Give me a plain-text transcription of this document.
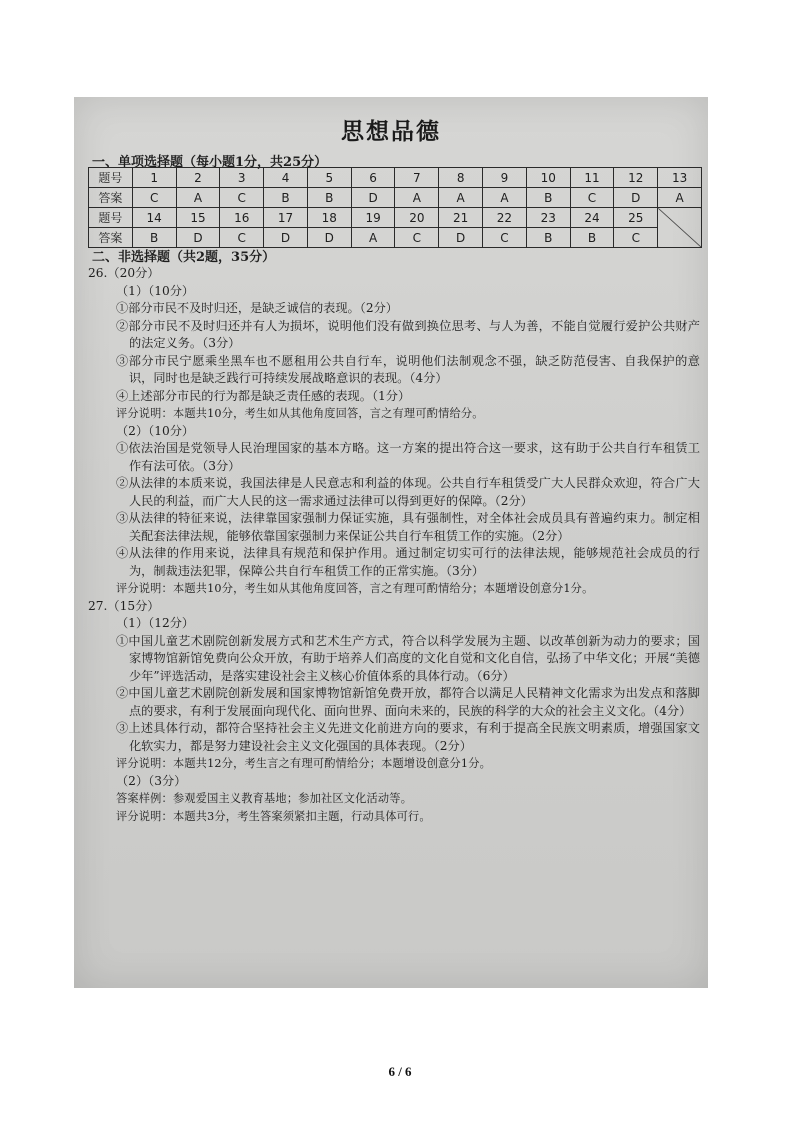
思想品德
一、单项选择题（每小题1分，共25分）
题号	1	2	3	4	5	6	7	8	9	10	11	12	13
答案	C	A	C	B	B	D	A	A	A	B	C	D	A
题号	14	15	16	17	18	19	20	21	22	23	24	25	
答案	B	D	C	D	D	A	C	D	C	B	B	C	
二、非选择题（共2题，35分）

26.（20分）

（1）（10分）

①部分市民不及时归还，是缺乏诚信的表现。（2分）

②部分市民不及时归还并有人为损坏，说明他们没有做到换位思考、与人为善，不能自觉履行爱护公共财产的法定义务。（3分）

③部分市民宁愿乘坐黑车也不愿租用公共自行车，说明他们法制观念不强，缺乏防范侵害、自我保护的意识，同时也是缺乏践行可持续发展战略意识的表现。（4分）

④上述部分市民的行为都是缺乏责任感的表现。（1分）

评分说明：本题共10分，考生如从其他角度回答，言之有理可酌情给分。

（2）（10分）

①依法治国是党领导人民治理国家的基本方略。这一方案的提出符合这一要求，这有助于公共自行车租赁工作有法可依。（3分）

②从法律的本质来说，我国法律是人民意志和利益的体现。公共自行车租赁受广大人民群众欢迎，符合广大人民的利益，而广大人民的这一需求通过法律可以得到更好的保障。（2分）

③从法律的特征来说，法律靠国家强制力保证实施，具有强制性，对全体社会成员具有普遍约束力。制定相关配套法律法规，能够依靠国家强制力来保证公共自行车租赁工作的实施。（2分）

④从法律的作用来说，法律具有规范和保护作用。通过制定切实可行的法律法规，能够规范社会成员的行为，制裁违法犯罪，保障公共自行车租赁工作的正常实施。（3分）

评分说明：本题共10分，考生如从其他角度回答，言之有理可酌情给分；本题增设创意分1分。

27.（15分）

（1）（12分）

①中国儿童艺术剧院创新发展方式和艺术生产方式，符合以科学发展为主题、以改革创新为动力的要求；国家博物馆新馆免费向公众开放，有助于培养人们高度的文化自觉和文化自信，弘扬了中华文化；开展“美德少年”评选活动，是落实建设社会主义核心价值体系的具体行动。（6分）

②中国儿童艺术剧院创新发展和国家博物馆新馆免费开放，都符合以满足人民精神文化需求为出发点和落脚点的要求，有利于发展面向现代化、面向世界、面向未来的，民族的科学的大众的社会主义文化。（4分）

③上述具体行动，都符合坚持社会主义先进文化前进方向的要求，有利于提高全民族文明素质，增强国家文化软实力，都是努力建设社会主义文化强国的具体表现。（2分）

评分说明：本题共12分，考生言之有理可酌情给分；本题增设创意分1分。

（2）（3分）

答案样例：参观爱国主义教育基地；参加社区文化活动等。

评分说明：本题共3分，考生答案须紧扣主题，行动具体可行。

6 / 6
